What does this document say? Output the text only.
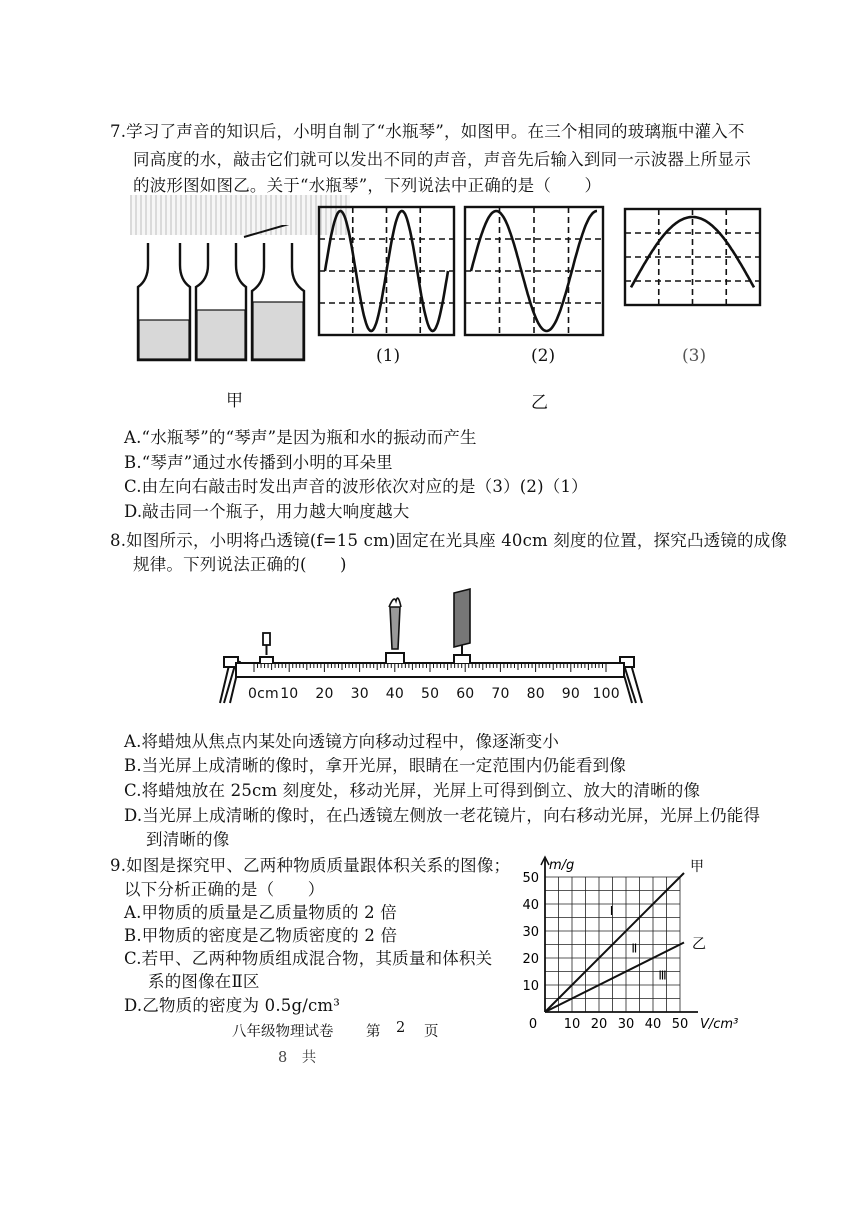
7.学习了声音的知识后，小明自制了“水瓶琴”，如图甲。在三个相同的玻璃瓶中灌入不
同高度的水，敲击它们就可以发出不同的声音，声音先后输入到同一示波器上所显示
的波形图如图乙。关于“水瓶琴”，下列说法中正确的是（　　）
(1)	(2)	(3)
甲	乙
A.“水瓶琴”的“琴声”是因为瓶和水的振动而产生
B.“琴声”通过水传播到小明的耳朵里
C.由左向右敲击时发出声音的波形依次对应的是（3）(2)（1）
D.敲击同一个瓶子，用力越大响度越大
8.如图所示，小明将凸透镜(f=15 cm)固定在光具座 40cm 刻度的位置，探究凸透镜的成像
规律。下列说法正确的(　　)
0cm 10 20 30 40 50 60 70 80 90 100
A.将蜡烛从焦点内某处向透镜方向移动过程中，像逐渐变小
B.当光屏上成清晰的像时，拿开光屏，眼睛在一定范围内仍能看到像
C.将蜡烛放在 25cm 刻度处，移动光屏，光屏上可得到倒立、放大的清晰的像
D.当光屏上成清晰的像时，在凸透镜左侧放一老花镜片，向右移动光屏，光屏上仍能得
到清晰的像
9.如图是探究甲、乙两种物质质量跟体积关系的图像；
以下分析正确的是（　　）
A.甲物质的质量是乙质量物质的 2 倍
B.甲物质的密度是乙物质密度的 2 倍
C.若甲、乙两种物质组成混合物，其质量和体积关
系的图像在Ⅱ区
D.乙物质的密度为 0.5g/cm³
10
20
30
40
50
0 10 20 30 40 50
m/g
V/cm³
甲
乙
Ⅰ
Ⅱ
Ⅲ
八年级物理试卷 第 2 页
8　共
